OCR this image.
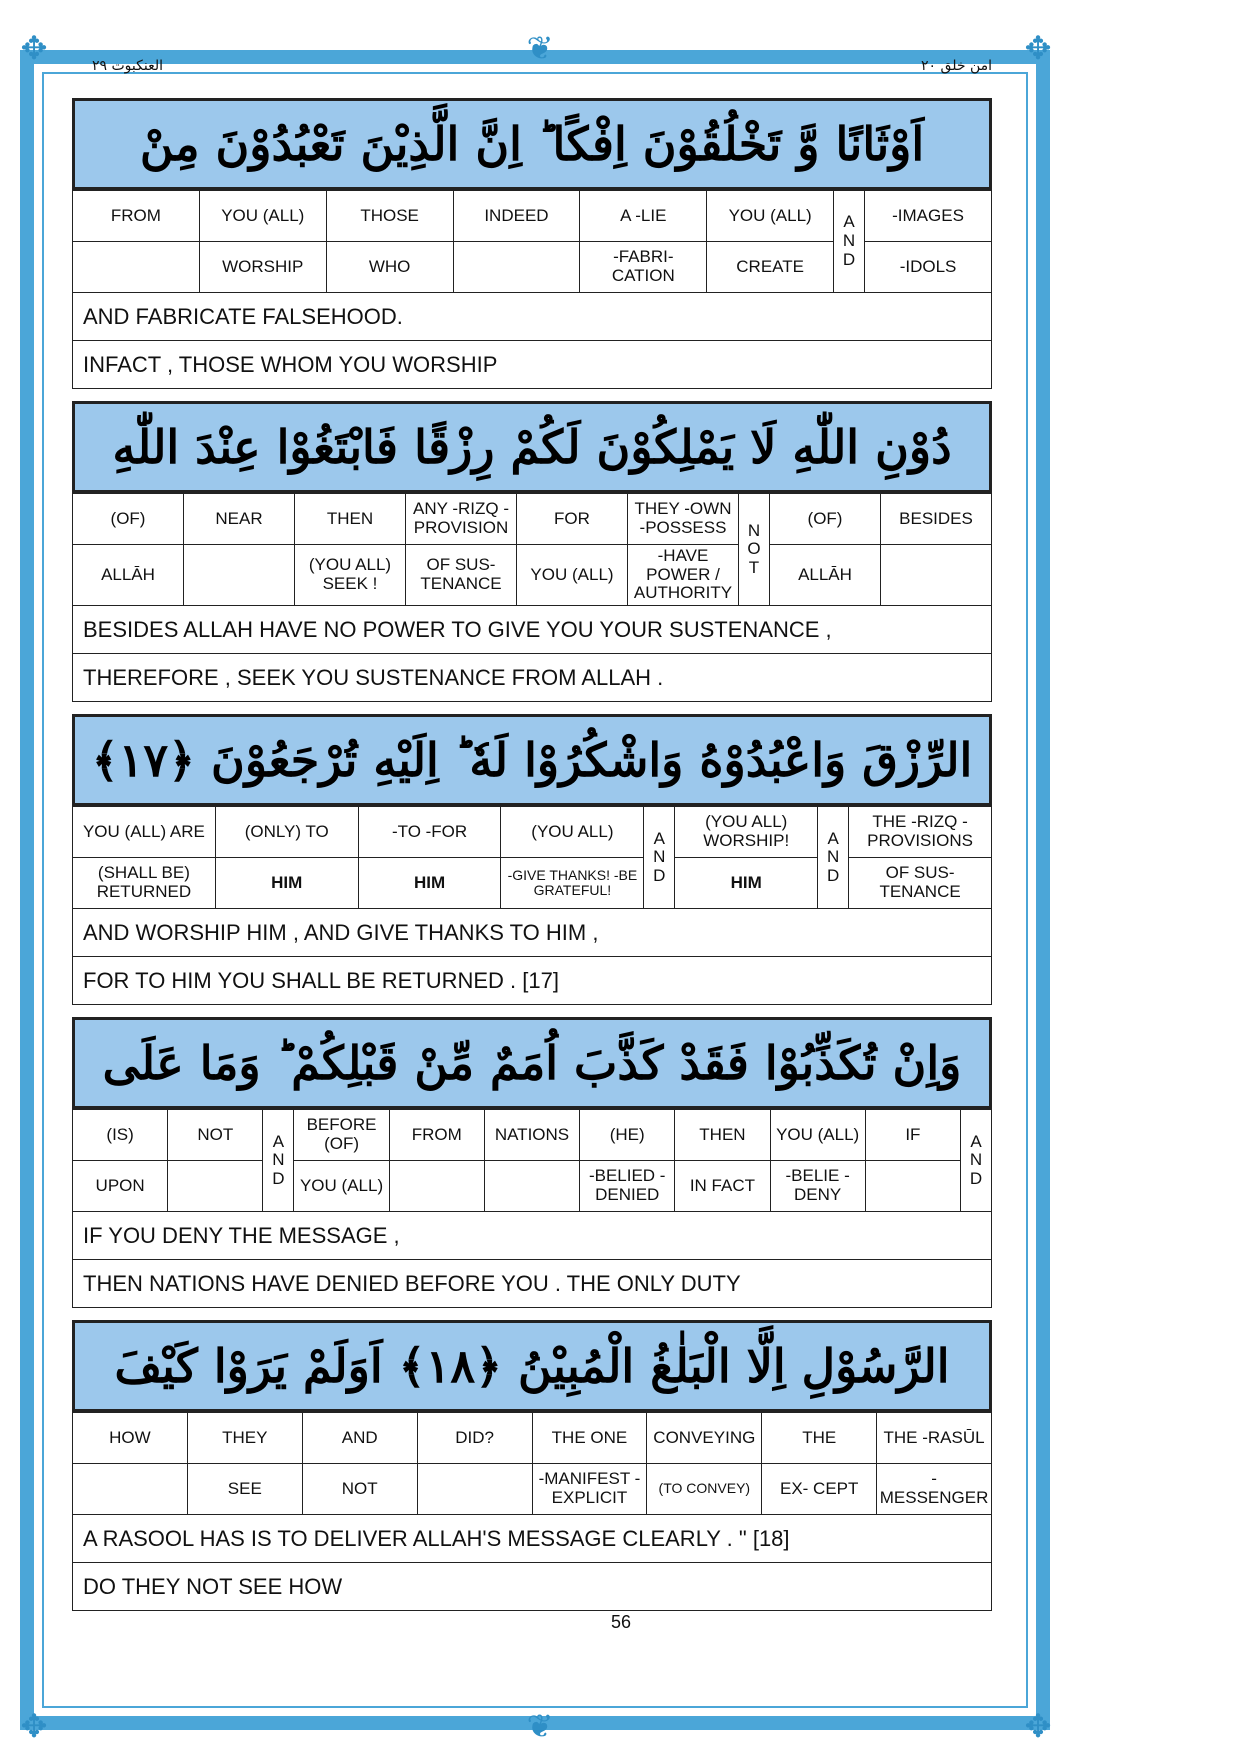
✥	✥
✥	✥
❦
❦
العنكبوت ٢٩	امن خلق ٢٠
اَوْثَانًا وَّ تَخْلُقُوْنَ اِفْكًا ؕ اِنَّ الَّذِيْنَ تَعْبُدُوْنَ مِنْ
FROM	YOU (ALL)	THOSE	INDEED	A -LIE	YOU (ALL)	A N D	-IMAGES
	WORSHIP	WHO		-FABRI- CATION	CREATE		-IDOLS
AND FABRICATE FALSEHOOD.
INFACT , THOSE WHOM YOU WORSHIP
دُوْنِ اللّٰهِ لَا يَمْلِكُوْنَ لَكُمْ رِزْقًا فَابْتَغُوْا عِنْدَ اللّٰهِ
(OF)	NEAR	THEN	ANY -RIZQ -PROVISION	FOR	THEY -OWN -POSSESS	N O T	(OF)	BESIDES
ALLĀH		(YOU ALL) SEEK !	OF SUS- TENANCE	YOU (ALL)	-HAVE POWER / AUTHORITY		ALLĀH	
BESIDES ALLAH HAVE NO POWER TO GIVE YOU YOUR SUSTENANCE ,
THEREFORE , SEEK YOU SUSTENANCE FROM ALLAH .
الرِّزْقَ وَاعْبُدُوْهُ وَاشْكُرُوْا لَهٗ ؕ اِلَيْهِ تُرْجَعُوْنَ ﴿۱۷﴾
YOU (ALL) ARE	(ONLY) TO	-TO -FOR	(YOU ALL)	A N D	(YOU ALL) WORSHIP!	A N D	THE -RIZQ -PROVISIONS
(SHALL BE) RETURNED	HIM	HIM	-GIVE THANKS! -BE GRATEFUL!		HIM		OF SUS- TENANCE
AND WORSHIP HIM , AND GIVE THANKS TO HIM ,
FOR TO HIM YOU SHALL BE RETURNED . [17]
وَاِنْ تُكَذِّبُوْا فَقَدْ كَذَّبَ اُمَمٌ مِّنْ قَبْلِكُمْ ؕ وَمَا عَلَى
(IS)	NOT	A N D	BEFORE (OF)	FROM	NATIONS	(HE)	THEN	YOU (ALL)	IF	A N D
UPON			YOU (ALL)			-BELIED -DENIED	IN FACT	-BELIE -DENY		
IF YOU DENY THE MESSAGE ,
THEN NATIONS HAVE DENIED BEFORE YOU . THE ONLY DUTY
الرَّسُوْلِ اِلَّا الْبَلٰغُ الْمُبِيْنُ ﴿۱۸﴾ اَوَلَمْ يَرَوْا كَيْفَ
HOW	THEY	AND	DID?	THE ONE	CONVEYING	THE	THE -RASŪL
	SEE	NOT		-MANIFEST -EXPLICIT	(TO CONVEY)	EX- CEPT	-MESSENGER
A RASOOL HAS IS TO DELIVER ALLAH'S MESSAGE CLEARLY . " [18]
DO THEY NOT SEE HOW
56
